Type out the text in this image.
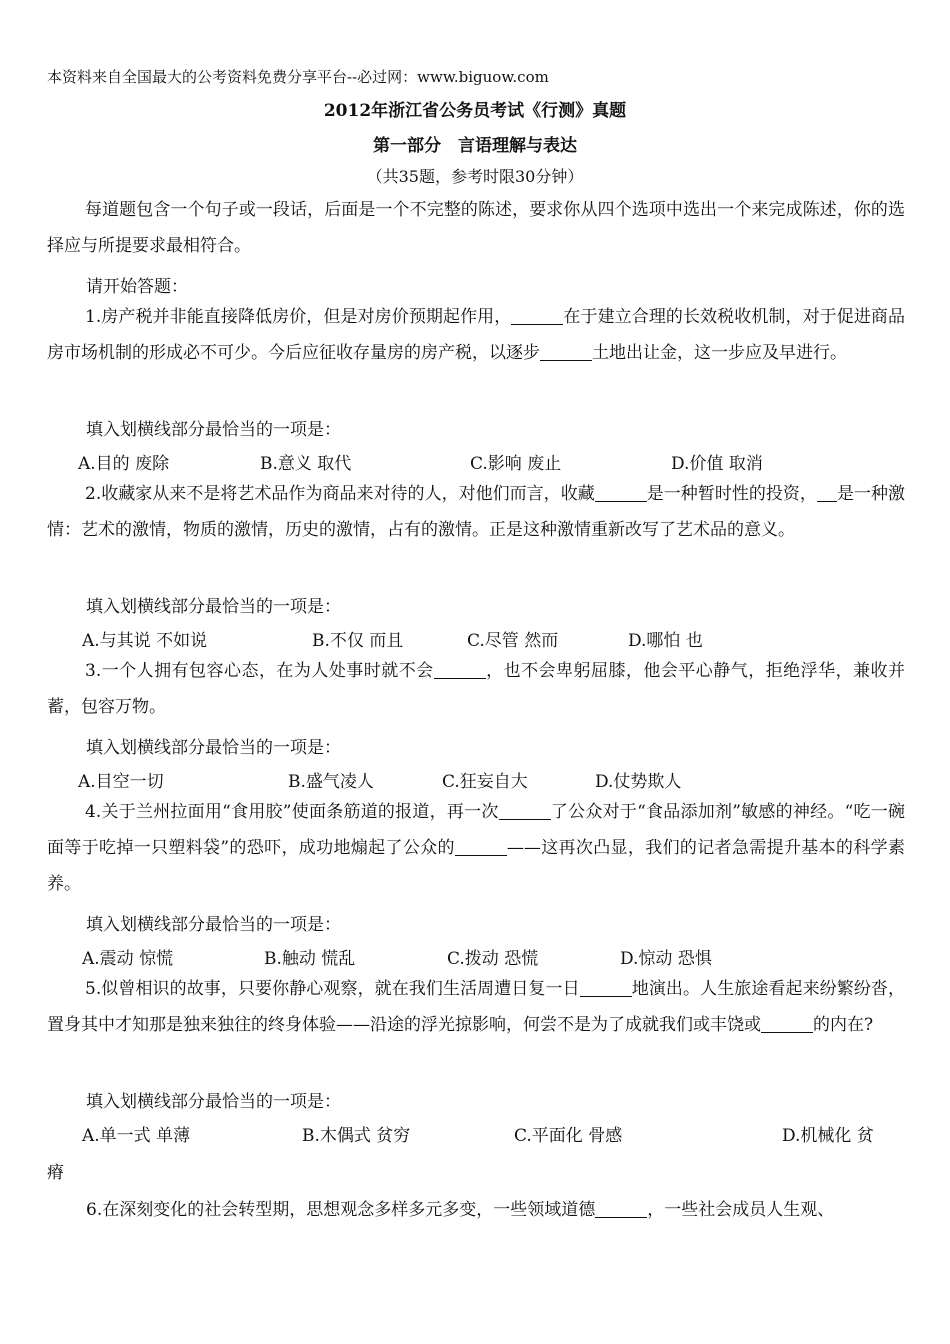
本资料来自全国最大的公考资料免费分享平台--必过网：www.biguow.com

2012年浙江省公务员考试《行测》真题

第一部分　言语理解与表达

（共35题，参考时限30分钟）

每道题包含一个句子或一段话，后面是一个不完整的陈述，要求你从四个选项中选出一个来完成陈述，你的选择应与所提要求最相符合。

请开始答题：

1.房产税并非能直接降低房价，但是对房价预期起作用，	在于建立合理的长效税收机制，对于促进商品房市场机制的形成必不可少。今后应征收存量房的房产税，以逐步	土地出让金，这一步应及早进行。

填入划横线部分最恰当的一项是：

A.目的 废除	B.意义 取代	C.影响 废止	D.价值 取消

2.收藏家从来不是将艺术品作为商品来对待的人，对他们而言，收藏	是一种暂时性的投资， 是一种激情：艺术的激情，物质的激情，历史的激情，占有的激情。正是这种激情重新改写了艺术品的意义。

填入划横线部分最恰当的一项是：

A.与其说 不如说	B.不仅 而且	C.尽管 然而	D.哪怕 也

3.一个人拥有包容心态，在为人处事时就不会	，也不会卑躬屈膝，他会平心静气，拒绝浮华，兼收并蓄，包容万物。

填入划横线部分最恰当的一项是：

A.目空一切	B.盛气凌人	C.狂妄自大	D.仗势欺人

4.关于兰州拉面用“食用胶”使面条筋道的报道，再一次	了公众对于“食品添加剂”敏感的神经。“吃一碗面等于吃掉一只塑料袋”的恐吓，成功地煽起了公众的	——这再次凸显，我们的记者急需提升基本的科学素养。

填入划横线部分最恰当的一项是：

A.震动 惊慌	B.触动 慌乱	C.拨动 恐慌	D.惊动 恐惧

5.似曾相识的故事，只要你静心观察，就在我们生活周遭日复一日	地演出。人生旅途看起来纷繁纷沓，置身其中才知那是独来独往的终身体验——沿途的浮光掠影响，何尝不是为了成就我们或丰饶或	的内在?

填入划横线部分最恰当的一项是：

A.单一式 单薄	B.木偶式 贫穷	C.平面化 骨感	D.机械化 贫
瘠

6.在深刻变化的社会转型期，思想观念多样多元多变，一些领域道德	，一些社会成员人生观、
